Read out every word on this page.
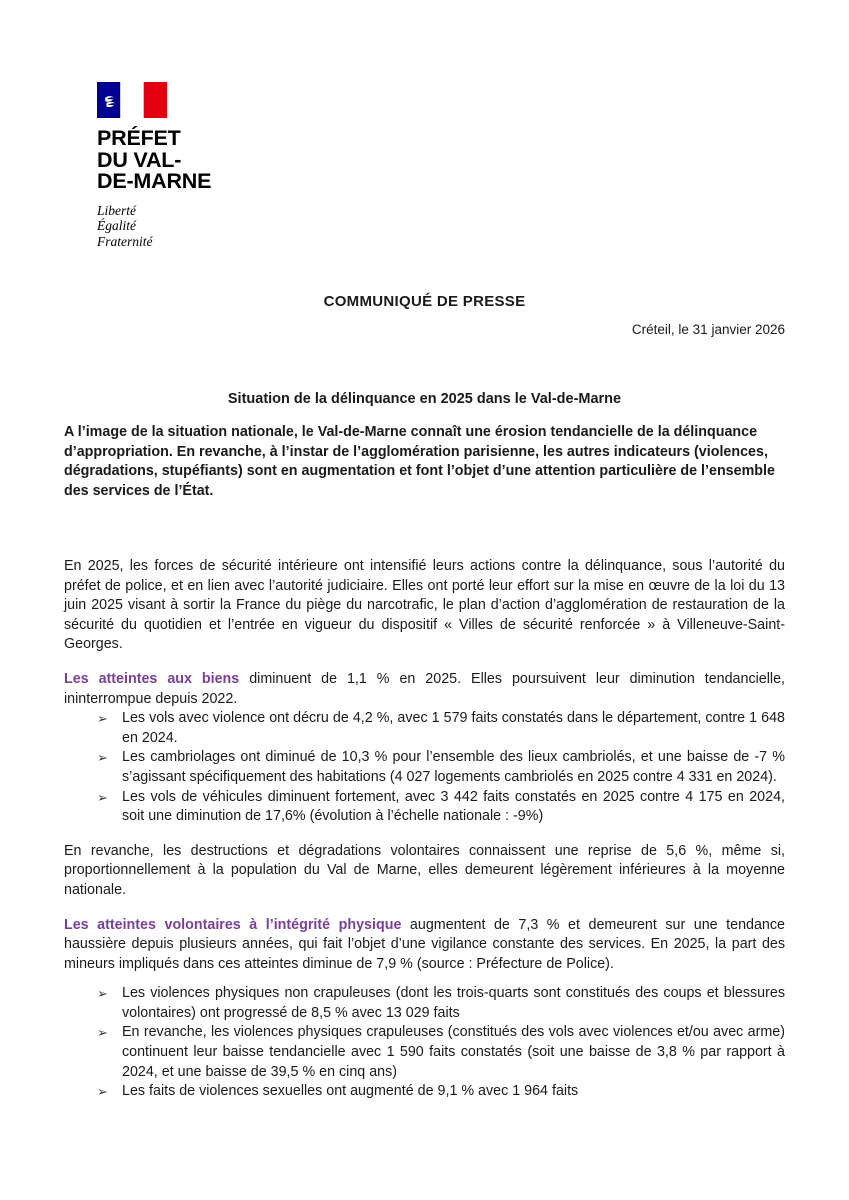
PRÉFET
DU VAL-
DE-MARNE
Liberté
Égalité
Fraternité
COMMUNIQUÉ DE PRESSE
Créteil, le 31 janvier 2026
Situation de la délinquance en 2025 dans le Val-de-Marne

A l’image de la situation nationale, le Val-de-Marne connaît une érosion tendancielle de la délinquance d’appropriation. En revanche, à l’instar de l’agglomération parisienne, les autres indicateurs (violences, dégradations, stupéfiants) sont en augmentation et font l’objet d’une attention particulière de l’ensemble des services de l’État.

En 2025, les forces de sécurité intérieure ont intensifié leurs actions contre la délinquance, sous l’autorité du préfet de police, et en lien avec l’autorité judiciaire. Elles ont porté leur effort sur la mise en œuvre de la loi du 13 juin 2025 visant à sortir la France du piège du narcotrafic, le plan d’action d’agglomération de restauration de la sécurité du quotidien et l’entrée en vigueur du dispositif « Villes de sécurité renforcée » à Villeneuve-Saint-Georges.

Les atteintes aux biens diminuent de 1,1 % en 2025. Elles poursuivent leur diminution tendancielle, ininterrompue depuis 2022.

➢ Les vols avec violence ont décru de 4,2 %, avec 1 579 faits constatés dans le département, contre 1 648 en 2024.
➢ Les cambriolages ont diminué de 10,3 % pour l’ensemble des lieux cambriolés, et une baisse de -7 % s’agissant spécifiquement des habitations (4 027 logements cambriolés en 2025 contre 4 331 en 2024).
➢ Les vols de véhicules diminuent fortement, avec 3 442 faits constatés en 2025 contre 4 175 en 2024, soit une diminution de 17,6% (évolution à l’échelle nationale : -9%)

En revanche, les destructions et dégradations volontaires connaissent une reprise de 5,6 %, même si, proportionnellement à la population du Val de Marne, elles demeurent légèrement inférieures à la moyenne nationale.

Les atteintes volontaires à l’intégrité physique augmentent de 7,3 % et demeurent sur une tendance haussière depuis plusieurs années, qui fait l’objet d’une vigilance constante des services. En 2025, la part des mineurs impliqués dans ces atteintes diminue de 7,9 % (source : Préfecture de Police).

➢ Les violences physiques non crapuleuses (dont les trois-quarts sont constitués des coups et blessures volontaires) ont progressé de 8,5 % avec 13 029 faits
➢ En revanche, les violences physiques crapuleuses (constitués des vols avec violences et/ou avec arme) continuent leur baisse tendancielle avec 1 590 faits constatés (soit une baisse de 3,8 % par rapport à 2024, et une baisse de 39,5 % en cinq ans)
➢ Les faits de violences sexuelles ont augmenté de 9,1 % avec 1 964 faits
